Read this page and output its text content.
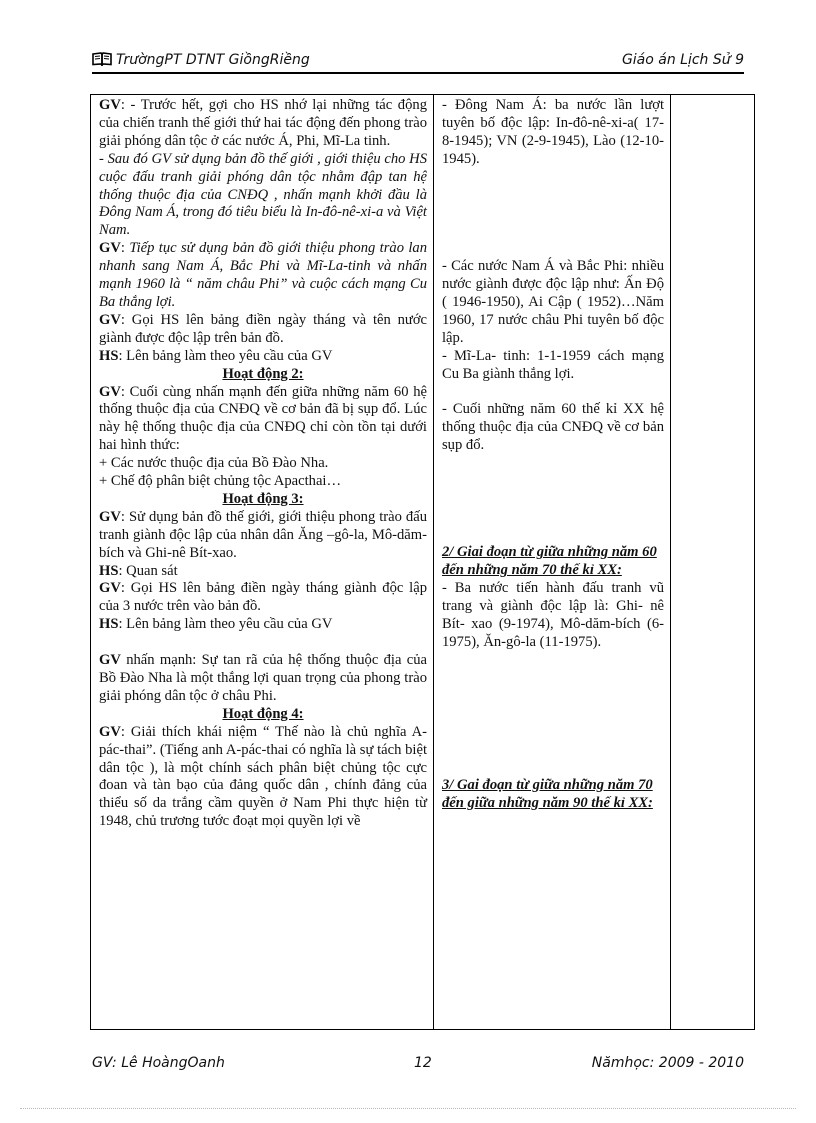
TrườngPT DTNT GiồngRiềng	Giáo án Lịch Sử 9
GV: - Trước hết, gợi cho HS nhớ lại những tác động của chiến tranh thế giới thứ hai tác động đến phong trào giải phóng dân tộc ở các nước Á, Phi, Mĩ-La tinh.
- Sau đó GV sử dụng bản đồ thế giới , giới thiệu cho HS cuộc đấu tranh giải phóng dân tộc nhằm đập tan hệ thống thuộc địa của CNĐQ , nhấn mạnh khởi đầu là Đông Nam Á, trong đó tiêu biểu là In-đô-nê-xi-a và Việt Nam.
GV: Tiếp tục sử dụng bản đồ giới thiệu phong trào lan nhanh sang Nam Á, Bắc Phi và Mĩ-La-tinh và nhấn mạnh 1960 là “ năm châu Phi” và cuộc cách mạng Cu Ba thắng lợi.
GV: Gọi HS lên bảng điền ngày tháng và tên nước giành được độc lập trên bản đồ.
HS: Lên bảng làm theo yêu cầu của GV
Hoạt động 2:
GV: Cuối cùng nhấn mạnh đến giữa những năm 60 hệ thống thuộc địa của CNĐQ về cơ bản đã bị sụp đổ. Lúc này hệ thống thuộc địa của CNĐQ chỉ còn tồn tại dưới hai hình thức:
+ Các nước thuộc địa của Bồ Đào Nha.
+ Chế độ phân biệt chủng tộc Apacthai…
Hoạt động 3:
GV: Sử dụng bản đồ thế giới, giới thiệu phong trào đấu tranh giành độc lập của nhân dân Ăng –gô-la, Mô-dăm-bích và Ghi-nê Bít-xao.
HS: Quan sát
GV: Gọi HS lên bảng điền ngày tháng giành độc lập của 3 nước trên vào bản đồ.
HS: Lên bảng làm theo yêu cầu của GV
GV nhấn mạnh: Sự tan rã của hệ thống thuộc địa của Bồ Đào Nha là một thắng lợi quan trọng của phong trào giải phóng dân tộc ở châu Phi.
Hoạt động 4:
GV: Giải thích khái niệm “ Thế nào là chủ nghĩa A-pác-thai”. (Tiếng anh A-pác-thai có nghĩa là sự tách biệt dân tộc ), là một chính sách phân biệt chủng tộc cực đoan và tàn bạo của đảng quốc dân , chính đảng của thiểu số da trắng cầm quyền ở Nam Phi thực hiện từ 1948, chủ trương tước đoạt mọi quyền lợi về

- Đông Nam Á: ba nước lần lượt tuyên bố độc lập: In-đô-nê-xi-a( 17-8-1945); VN (2-9-1945), Lào (12-10-1945).
- Các nước Nam Á và Bắc Phi: nhiều nước giành được độc lập như: Ấn Độ ( 1946-1950), Ai Cập ( 1952)…Năm 1960, 17 nước châu Phi tuyên bố độc lập.
- Mĩ-La- tinh: 1-1-1959 cách mạng Cu Ba giành thắng lợi.
- Cuối những năm 60 thế kỉ XX hệ thống thuộc địa của CNĐQ về cơ bản sụp đổ.
2/ Giai đoạn từ giữa những năm 60 đến những năm 70 thế kỉ XX:
- Ba nước tiến hành đấu tranh vũ trang và giành độc lập là: Ghi- nê Bít- xao (9-1974), Mô-dăm-bích (6-1975), Ăn-gô-la (11-1975).
3/ Gai đoạn từ giữa những năm 70 đến giữa những năm 90 thế kỉ XX:

GV: Lê HoàngOanh	12	Nămhọc: 2009 - 2010
